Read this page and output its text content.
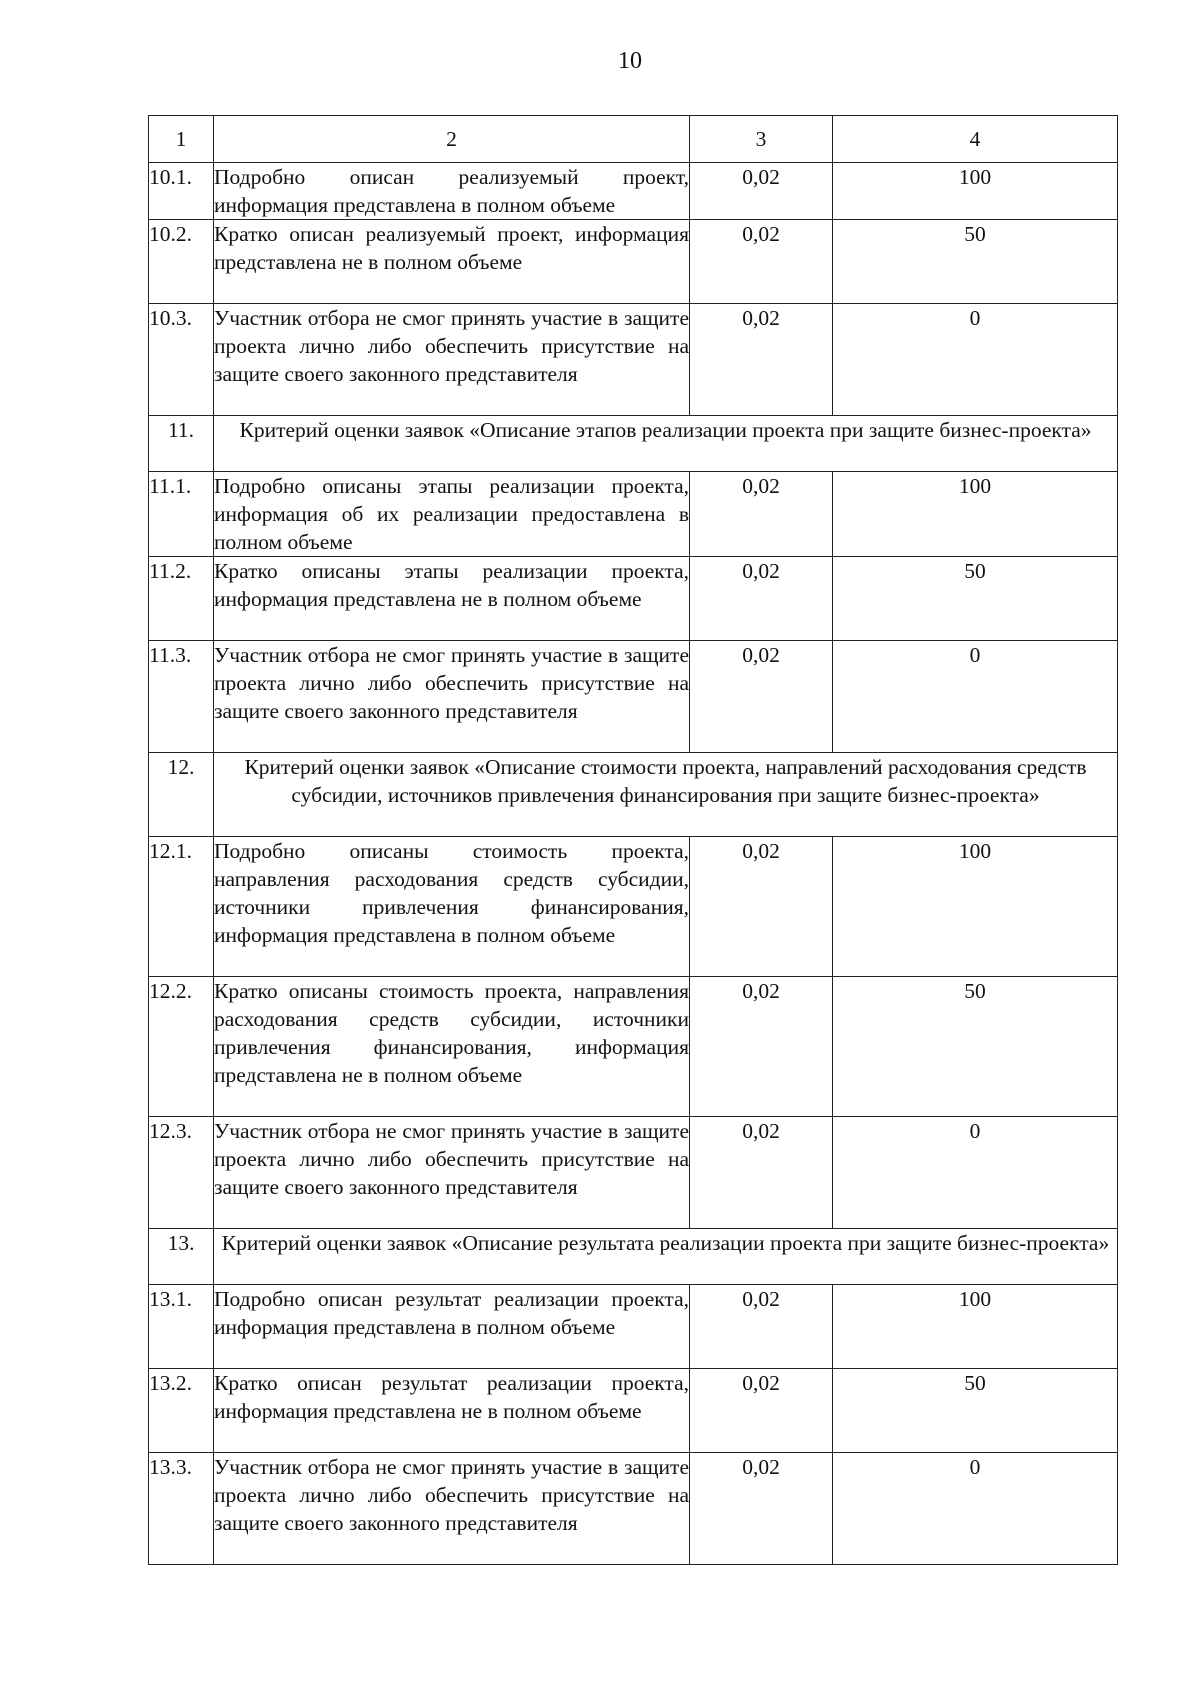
10
1	2	3	4
10.1.	Подробно описан реализуемый проект, информация представлена в полном объеме	0,02	100
10.2.	Кратко описан реализуемый проект, информация представлена не в полном объеме	0,02	50
10.3.	Участник отбора не смог принять участие в защите проекта лично либо обеспечить присутствие на защите своего законного представителя	0,02	0
11.	Критерий оценки заявок «Описание этапов реализации проекта при защите бизнес-проекта»		
11.1.	Подробно описаны этапы реализации проекта, информация об их реализации предоставлена в полном объеме	0,02	100
11.2.	Кратко описаны этапы реализации проекта, информация представлена не в полном объеме	0,02	50
11.3.	Участник отбора не смог принять участие в защите проекта лично либо обеспечить присутствие на защите своего законного представителя	0,02	0
12.	Критерий оценки заявок «Описание стоимости проекта, направлений расходования средств субсидии, источников привлечения финансирования при защите бизнес-проекта»		
12.1.	Подробно описаны стоимость проекта, направления расходования средств субсидии, источники привлечения финансирования, информация представлена в полном объеме	0,02	100
12.2.	Кратко описаны стоимость проекта, направления расходования средств субсидии, источники привлечения финансирования, информация представлена не в полном объеме	0,02	50
12.3.	Участник отбора не смог принять участие в защите проекта лично либо обеспечить присутствие на защите своего законного представителя	0,02	0
13.	Критерий оценки заявок «Описание результата реализации проекта при защите бизнес-проекта»		
13.1.	Подробно описан результат реализации проекта, информация представлена в полном объеме	0,02	100
13.2.	Кратко описан результат реализации проекта, информация представлена не в полном объеме	0,02	50
13.3.	Участник отбора не смог принять участие в защите проекта лично либо обеспечить присутствие на защите своего законного представителя	0,02	0
